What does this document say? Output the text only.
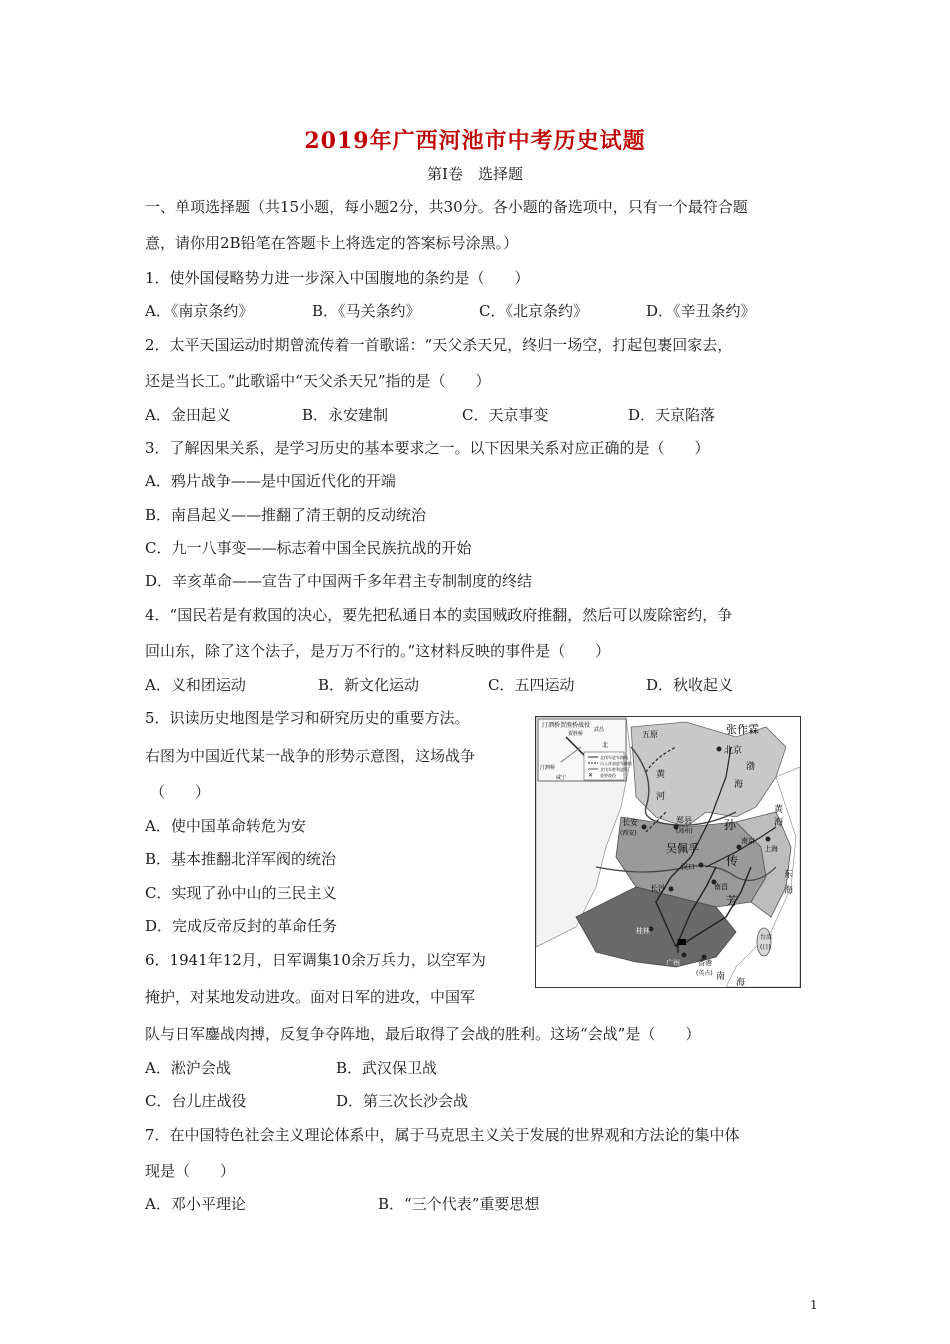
2019年广西河池市中考历史试题
第Ⅰ卷　选择题
一、单项选择题（共15小题，每小题2分，共30分。各小题的备选项中，只有一个最符合题
意，请你用2B铅笔在答题卡上将选定的答案标号涂黑。）
1．使外国侵略势力进一步深入中国腹地的条约是（　　）
A．《南京条约》	B．《马关条约》	C．《北京条约》	D．《辛丑条约》
2．太平天国运动时期曾流传着一首歌谣：“天父杀天兄，终归一场空，打起包裹回家去，
还是当长工。”此歌谣中“天父杀天兄”指的是（　　）
A．金田起义	B．永安建制	C．天京事变	D．天京陷落
3．了解因果关系，是学习历史的基本要求之一。以下因果关系对应正确的是（　　）
A．鸦片战争——是中国近代化的开端
B．南昌起义——推翻了清王朝的反动统治
C．九一八事变——标志着中国全民族抗战的开始
D．辛亥革命——宣告了中国两千多年君主专制制度的终结
4．“国民若是有救国的决心，要先把私通日本的卖国贼政府推翻，然后可以废除密约，争
回山东，除了这个法子，是万万不行的。”这材料反映的事件是（　　）
A．义和团运动	B．新文化运动	C．五四运动	D．秋收起义
5．识读历史地图是学习和研究历史的重要方法。
右图为中国近代某一战争的形势示意图，这场战争
（　　）
A．使中国革命转危为安
B．基本推翻北洋军阀的统治
C．实现了孙中山的三民主义
D．完成反帝反封的革命任务
6．1941年12月，日军调集10余万兵力，以空军为
掩护，对某地发动进攻。面对日军的进攻，中国军
队与日军鏖战肉搏，反复争夺阵地，最后取得了会战的胜利。这场“会战”是（　　）
A．淞沪会战	B．武汉保卫战
C．台儿庄战役	D．第三次长沙会战
7．在中国特色社会主义理论体系中，属于马克思主义关于发展的世界观和方法论的集中体
现是（　　）
A．邓小平理论	B．“三个代表”重要思想
✕
汀泗桥贺胜桥战役
汀泗桥
贺胜桥
咸宁
武昌
北
北伐军进军路线
冯玉祥部进军路线
北伐军胜利进军
重要战役
五原	张作霖
北京
渤
海
黄
河
长安
(西安)
郑县
(郑州)	孙
吴佩孚
南京
上海
汉口	传
长沙	南昌
芳
桂林
广州
(番禺)
香港
(英占)
台湾
(日)
黄
海
东
海
南
海
1
